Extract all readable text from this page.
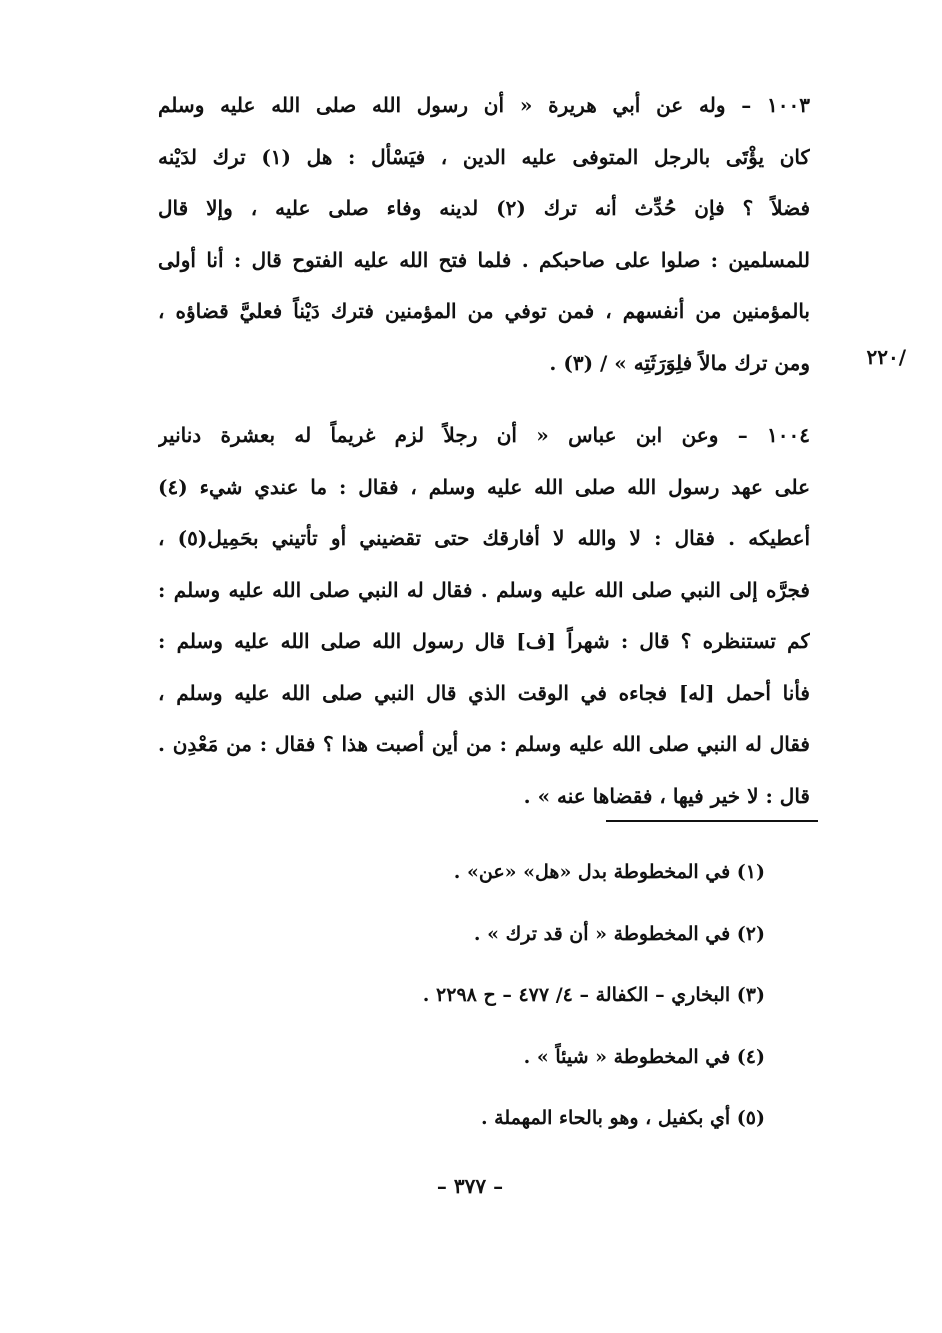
١٠٠٣ – وله عن أبي هريرة « أن رسول الله صلى الله عليه وسلم
كان يؤْتَى بالرجل المتوفى عليه الدين ، فيَسْأل : هل (١) ترك لدَيْنه
فضلاً ؟ فإن حُدِّث أنه ترك (٢) لدينه وفاء صلى عليه ، وإلا قال
للمسلمين : صلوا على صاحبكم . فلما فتح الله عليه الفتوح قال : أنا أولى
بالمؤمنين من أنفسهم ، فمن توفي من المؤمنين فترك دَيْناً فعليَّ قضاؤه ،
ومن ترك مالاً فلِوَرَثَتِه » / (٣) .	/٢٢٠
١٠٠٤ – وعن ابن عباس « أن رجلاً لزم غريماً له بعشرة دنانير
على عهد رسول الله صلى الله عليه وسلم ، فقال : ما عندي شيء (٤)
أعطيكه . فقال : لا والله لا أفارقك حتى تقضيني أو تأتيني بحَمِيل(٥) ،
فجرَّه إلى النبي صلى الله عليه وسلم . فقال له النبي صلى الله عليه وسلم :
كم تستنظره ؟ قال : شهراً [ف] قال رسول الله صلى الله عليه وسلم :
فأنا أحمل [له] فجاءه في الوقت الذي قال النبي صلى الله عليه وسلم ،
فقال له النبي صلى الله عليه وسلم : من أين أصبت هذا ؟ فقال : من مَعْدِن .
قال : لا خير فيها ، فقضاها عنه » .
(١) في المخطوطة بدل «هل» «عن» .
(٢) في المخطوطة « أن قد ترك » .
(٣) البخاري – الكفالة – ٤/ ٤٧٧ – ح ٢٢٩٨ .
(٤) في المخطوطة « شيئاً » .
(٥) أي بكفيل ، وهو بالحاء المهملة .
– ٣٧٧ –
